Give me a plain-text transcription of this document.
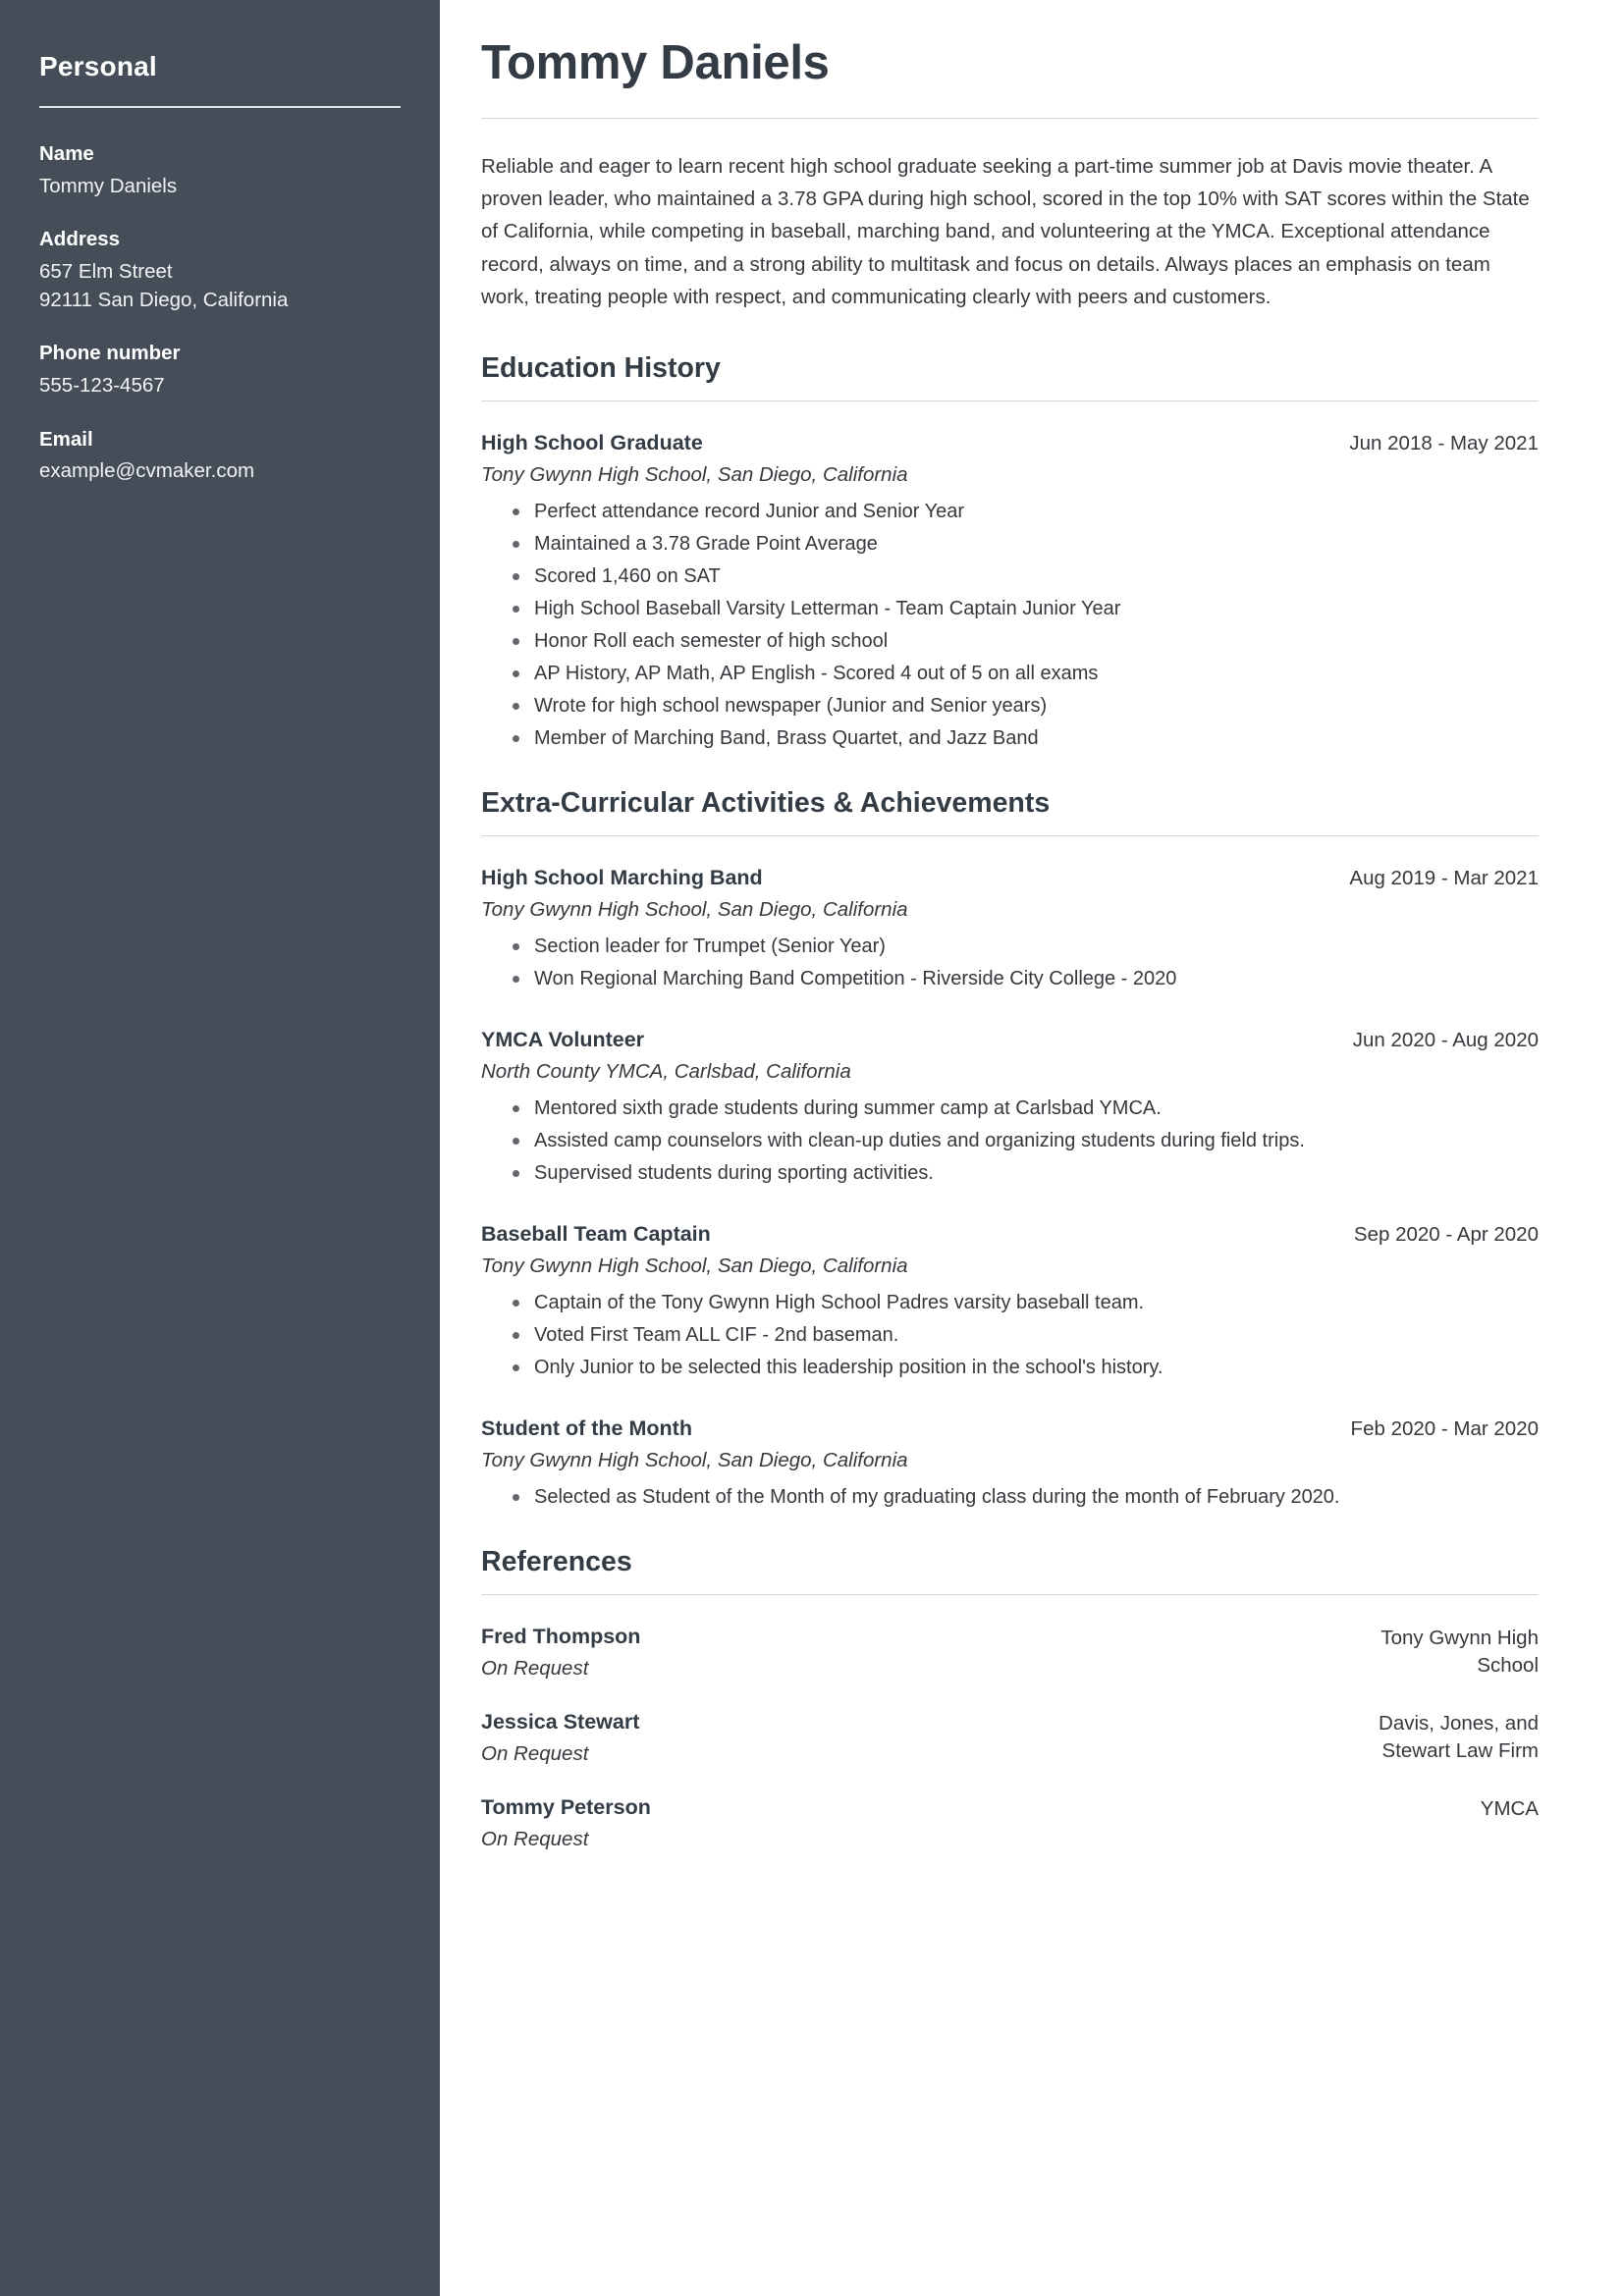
Personal
Name
Tommy Daniels
Address
657 Elm Street
92111 San Diego, California
Phone number
555-123-4567
Email
example@cvmaker.com
Tommy Daniels

Reliable and eager to learn recent high school graduate seeking a part-time summer job at Davis movie theater. A proven leader, who maintained a 3.78 GPA during high school, scored in the top 10% with SAT scores within the State of California, while competing in baseball, marching band, and volunteering at the YMCA. Exceptional attendance record, always on time, and a strong ability to multitask and focus on details. Always places an emphasis on team work, treating people with respect, and communicating clearly with peers and customers.

Education History
High School Graduate	Jun 2018 - May 2021
Tony Gwynn High School, San Diego, California
Perfect attendance record Junior and Senior Year
Maintained a 3.78 Grade Point Average
Scored 1,460 on SAT
High School Baseball Varsity Letterman - Team Captain Junior Year
Honor Roll each semester of high school
AP History, AP Math, AP English - Scored 4 out of 5 on all exams
Wrote for high school newspaper (Junior and Senior years)
Member of Marching Band, Brass Quartet, and Jazz Band
Extra-Curricular Activities & Achievements
High School Marching Band	Aug 2019 - Mar 2021
Tony Gwynn High School, San Diego, California
Section leader for Trumpet (Senior Year)
Won Regional Marching Band Competition - Riverside City College - 2020
YMCA Volunteer	Jun 2020 - Aug 2020
North County YMCA, Carlsbad, California
Mentored sixth grade students during summer camp at Carlsbad YMCA.
Assisted camp counselors with clean-up duties and organizing students during field trips.
Supervised students during sporting activities.
Baseball Team Captain	Sep 2020 - Apr 2020
Tony Gwynn High School, San Diego, California
Captain of the Tony Gwynn High School Padres varsity baseball team.
Voted First Team ALL CIF - 2nd baseman.
Only Junior to be selected this leadership position in the school's history.
Student of the Month	Feb 2020 - Mar 2020
Tony Gwynn High School, San Diego, California
Selected as Student of the Month of my graduating class during the month of February 2020.
References
Fred Thompson
On Request
Tony Gwynn High School
Jessica Stewart
On Request
Davis, Jones, and Stewart Law Firm
Tommy Peterson
On Request
YMCA
